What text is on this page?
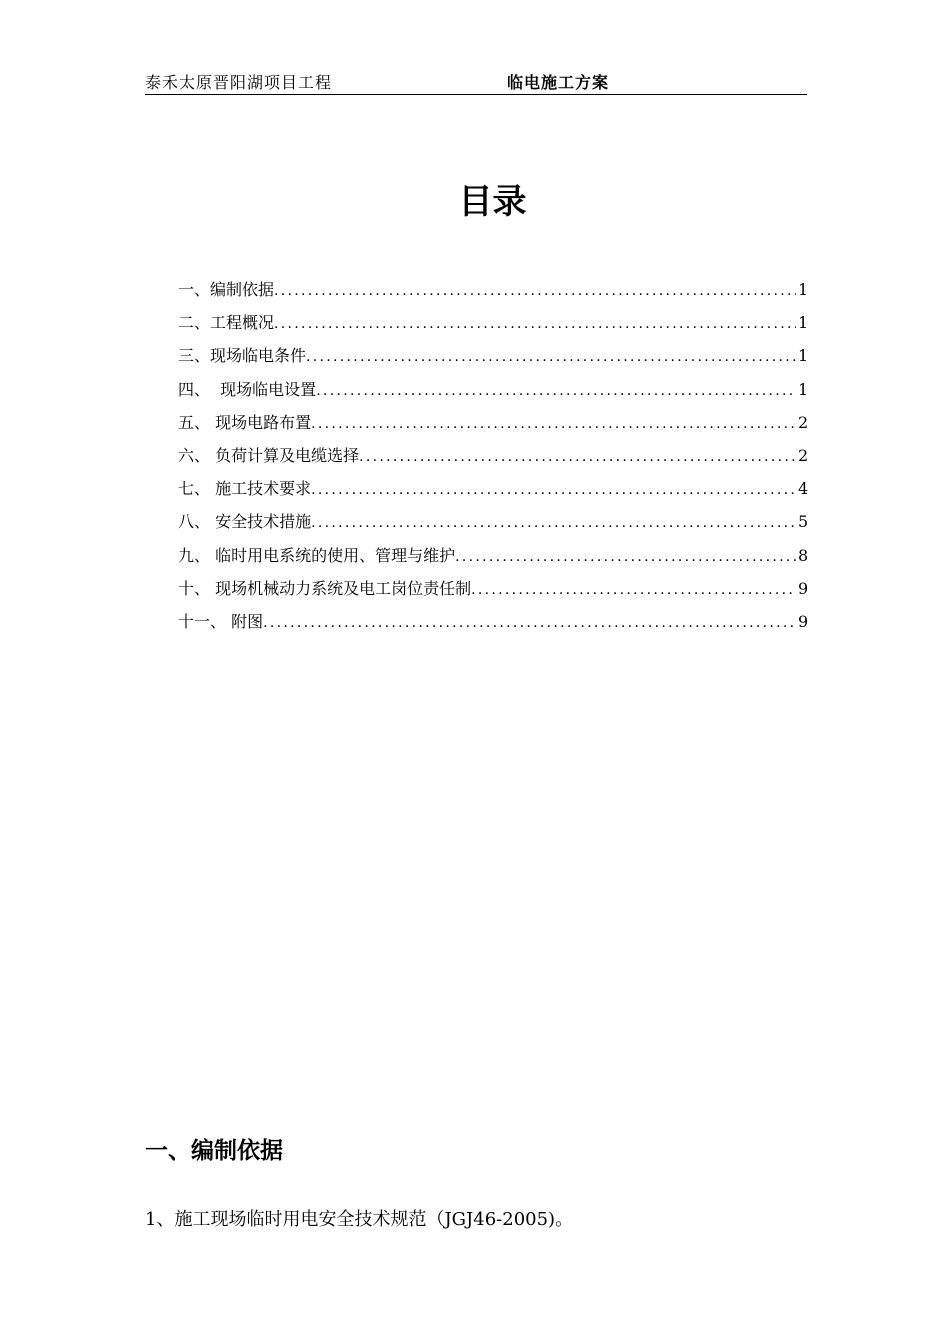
泰禾太原晋阳湖项目工程	临电施工方案
目录
一、编制依据 .....	1
二、工程概况 .....	1
三、现场临电条件 .....	1
四、  现场临电设置 .....	1
五、 现场电路布置 .....	2
六、 负荷计算及电缆选择 .....	2
七、 施工技术要求 .....	4
八、 安全技术措施 .....	5
九、 临时用电系统的使用、管理与维护 .....	8
十、 现场机械动力系统及电工岗位责任制 .....	9
十一、 附图 .....	9
一、编制依据
1、施工现场临时用电安全技术规范（JGJ46-2005)。
